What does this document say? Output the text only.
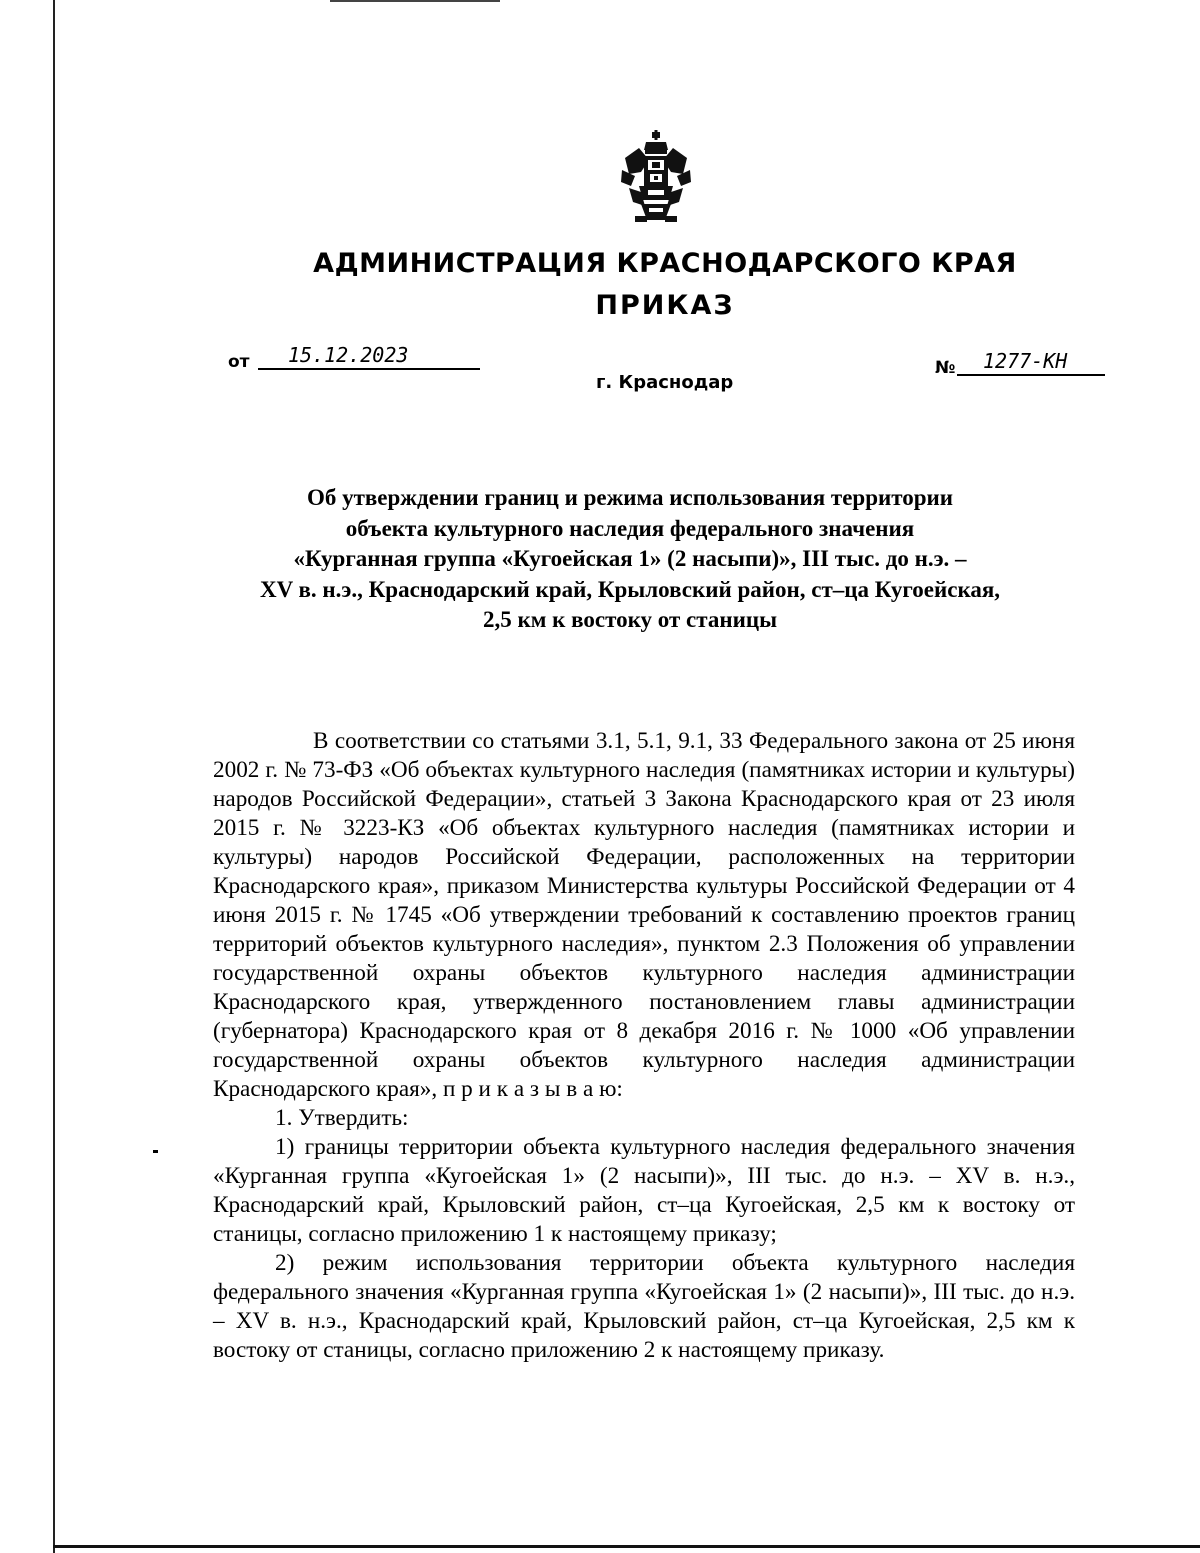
АДМИНИСТРАЦИЯ КРАСНОДАРСКОГО КРАЯ
ПРИКАЗ
от	15.12.2023
№	1277-КН
г. Краснодар
Об утверждении границ и режима использования территории
объекта культурного наследия федерального значения
«Курганная группа «Кугоейская 1» (2 насыпи)», III тыс. до н.э. –
XV в. н.э., Краснодарский край, Крыловский район, ст–ца Кугоейская,
2,5 км к востоку от станицы
В соответствии со статьями 3.1, 5.1, 9.1, 33 Федерального закона от 25 июня 2002 г. № 73-ФЗ «Об объектах культурного наследия (памятниках истории и культуры) народов Российской Федерации», статьей 3 Закона Краснодарского края от 23 июля 2015 г. № 3223-КЗ «Об объектах культурного наследия (памятниках истории и культуры) народов Российской Федерации, расположенных на территории Краснодарского края», приказом Министерства культуры Российской Федерации от 4 июня 2015 г. № 1745 «Об утверждении требований к составлению проектов границ территорий объектов культурного наследия», пунктом 2.3 Положения об управлении государственной охраны объектов культурного наследия администрации Краснодарского края, утвержденного постановлением главы администрации (губернатора) Краснодарского края от 8 декабря 2016 г. № 1000 «Об управлении государственной охраны объектов культурного наследия администрации Краснодарского края», п р и к а з ы в а ю:
1. Утвердить:
1) границы территории объекта культурного наследия федерального значения «Курганная группа «Кугоейская 1» (2 насыпи)», III тыс. до н.э. – XV в. н.э., Краснодарский край, Крыловский район, ст–ца Кугоейская, 2,5 км к востоку от станицы, согласно приложению 1 к настоящему приказу;
2) режим использования территории объекта культурного наследия федерального значения «Курганная группа «Кугоейская 1» (2 насыпи)», III тыс. до н.э. – XV в. н.э., Краснодарский край, Крыловский район, ст–ца Кугоейская, 2,5 км к востоку от станицы, согласно приложению 2 к настоящему приказу.
